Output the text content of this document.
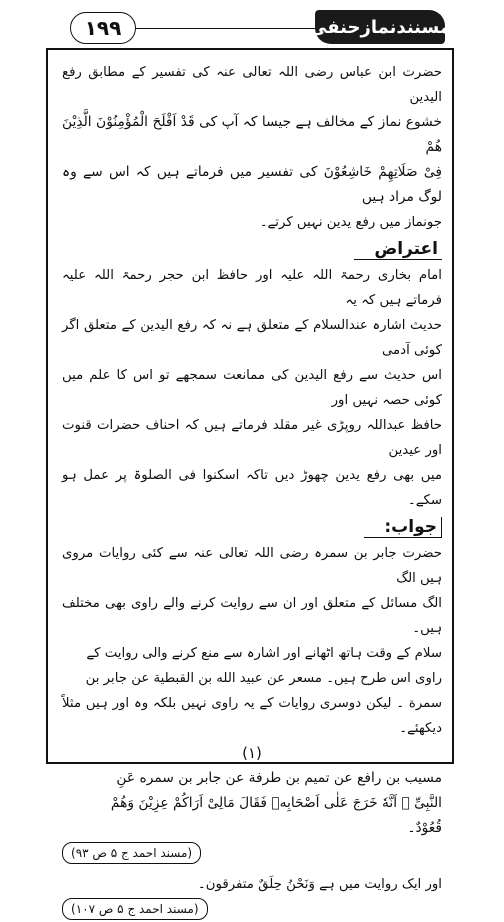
١٩٩	مسنندنمازحنفی

حضرت ابن عباس رضی اللہ تعالی عنہ کی تفسیر کے مطابق رفع الیدین

خشوع نماز کے مخالف ہے جیسا کہ آپ کی قَدْ اَفْلَحَ الْمُؤْمِنُوْنَ الَّذِیْنَ هُمْ

فِیْ صَلَاتِهِمْ خَاشِعُوْنَ کی تفسیر میں فرماتے ہیں کہ اس سے وہ لوگ مراد ہیں

جونماز میں رفع یدین نہیں کرتے۔

اعتراض

امام بخاری رحمۃ اللہ علیہ اور حافظ ابن حجر رحمۃ اللہ علیہ فرماتے ہیں کہ یہ

حدیث اشارہ عندالسلام کے متعلق ہے نہ کہ رفع الیدین کے متعلق اگر کوئی آدمی

اس حدیث سے رفع الیدین کی ممانعت سمجھے تو اس کا علم میں کوئی حصہ نہیں اور

حافظ عبداللہ روپڑی غیر مقلد فرماتے ہیں کہ احناف حضرات قنوت اور عیدین

میں بھی رفع یدین چھوڑ دیں تاکہ اسکنوا فی الصلوۃ پر عمل ہو سکے۔

جواب:

حضرت جابر بن سمرہ رضی اللہ تعالی عنہ سے کئی روایات مروی ہیں الگ

الگ مسائل کے متعلق اور ان سے روایت کرنے والے راوی بھی مختلف ہیں۔

سلام کے وقت ہاتھ اٹھانے اور اشارہ سے منع کرنے والی روایت کے

راوی اس طرح ہیں۔ مسعر عن عبيد الله بن القبطية عن جابر بن

سمرة ۔ لیکن دوسری روایات کے یہ راوی نہیں بلکہ وہ اور ہیں مثلاً دیکھئے۔

(١)

مسیب بن رافع عن تمیم بن طرفة عن جابر بن سمره عَنِ

النَّبِیِّ ﷺ اَنَّهٗ خَرَجَ عَلٰی اَصْحَابِهٖ فَقَالَ مَالِیْ اَرَاكُمْ عِزِیْنَ وَهُمْ

قُعُوْدٌ۔

(مسند احمد ج ۵ ص ۹۳)

اور ایک روایت میں ہے وَنَحْنُ حِلَقٌ متفرقون۔

(مسند احمد ج ۵ ص ۱۰۷)
